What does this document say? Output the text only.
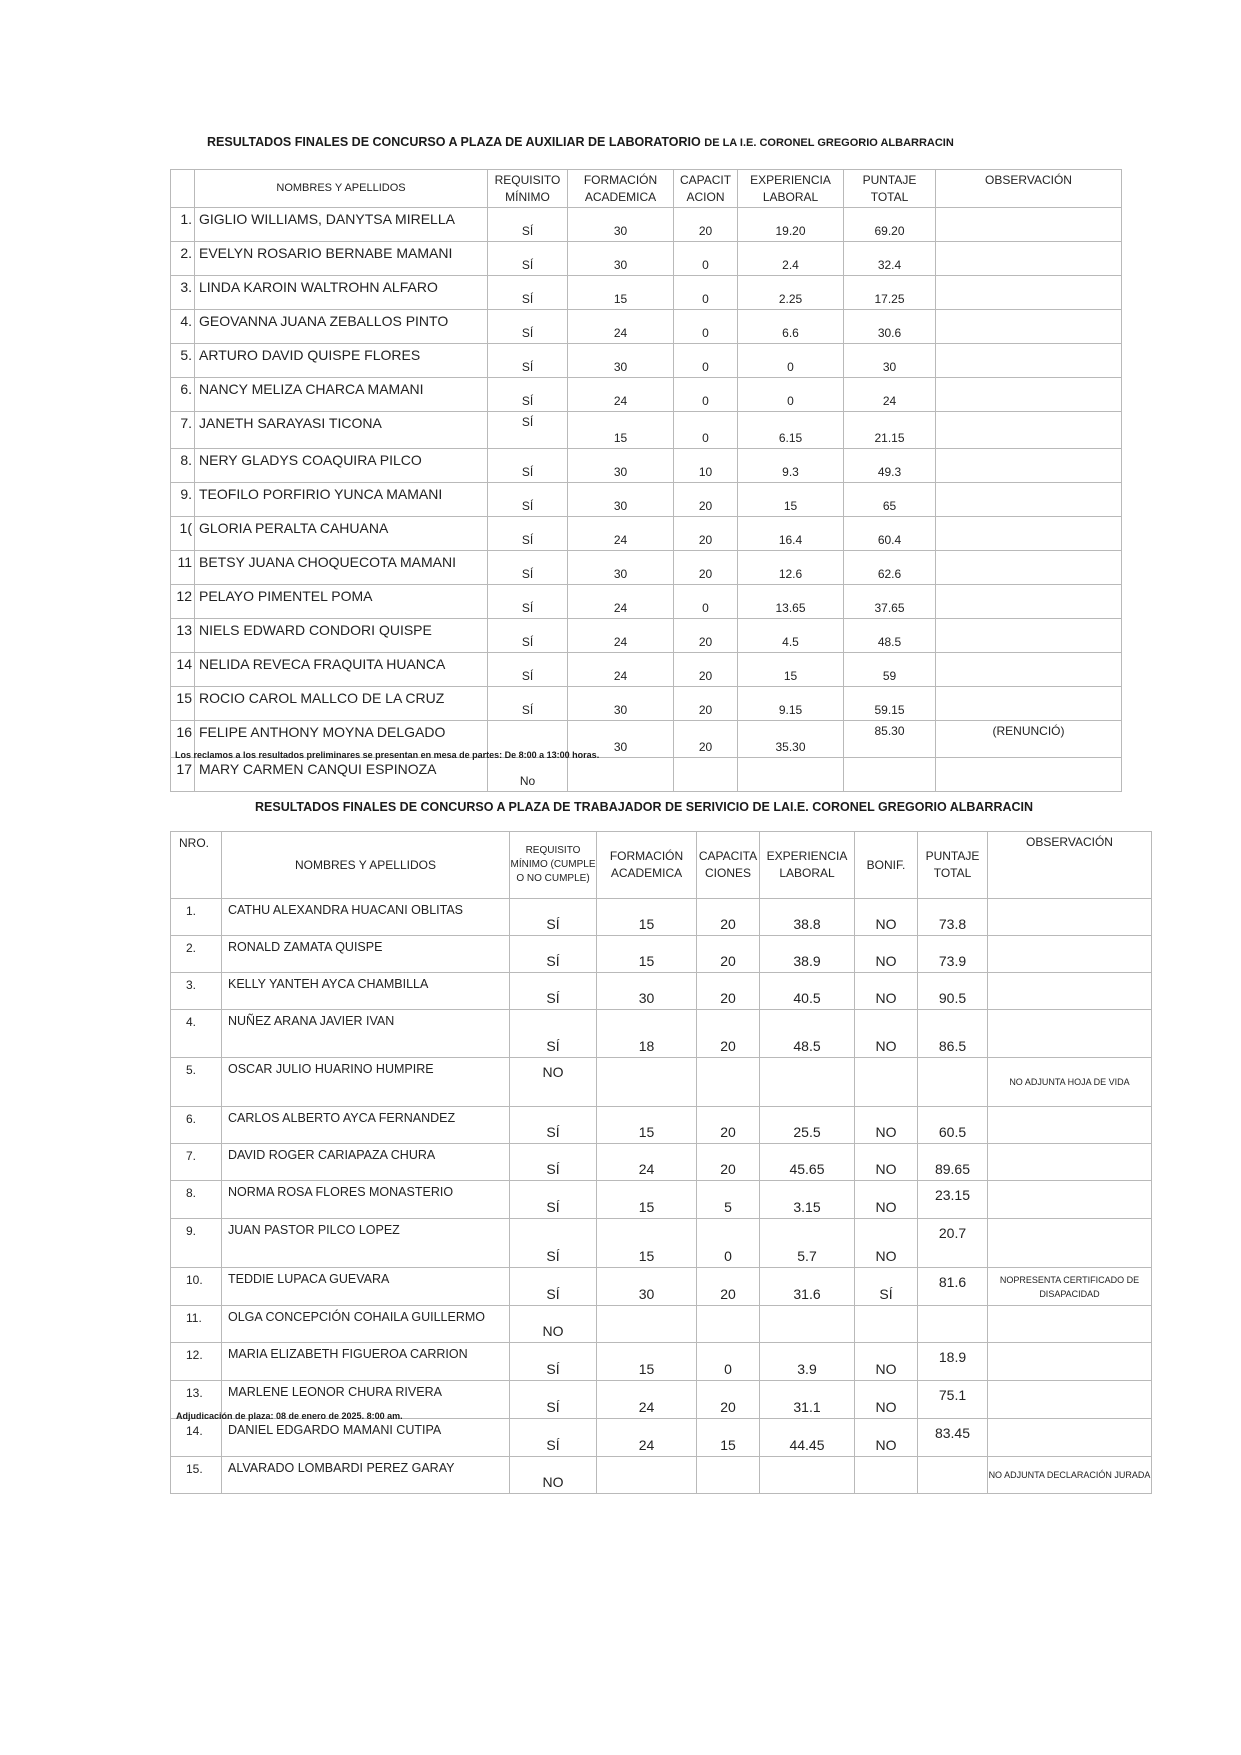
RESULTADOS FINALES DE CONCURSO A PLAZA DE AUXILIAR DE LABORATORIO DE LA I.E. CORONEL GREGORIO ALBARRACIN
	NOMBRES Y APELLIDOS	REQUISITO MÍNIMO	FORMACIÓN ACADEMICA	CAPACIT ACION	EXPERIENCIA LABORAL	PUNTAJE TOTAL	OBSERVACIÓN
1.	GIGLIO WILLIAMS, DANYTSA MIRELLA	SÍ	30	20	19.20	69.20	
2.	EVELYN ROSARIO BERNABE MAMANI	SÍ	30	0	2.4	32.4	
3.	LINDA KAROIN WALTROHN ALFARO	SÍ	15	0	2.25	17.25	
4.	GEOVANNA JUANA ZEBALLOS PINTO	SÍ	24	0	6.6	30.6	
5.	ARTURO DAVID QUISPE FLORES	SÍ	30	0	0	30	
6.	NANCY MELIZA CHARCA MAMANI	SÍ	24	0	0	24	
7.	JANETH SARAYASI TICONA	SÍ	15	0	6.15	21.15	
8.	NERY GLADYS COAQUIRA PILCO	SÍ	30	10	9.3	49.3	
9.	TEOFILO PORFIRIO YUNCA MAMANI	SÍ	30	20	15	65	
1(	GLORIA PERALTA CAHUANA	SÍ	24	20	16.4	60.4	
11	BETSY JUANA CHOQUECOTA MAMANI	SÍ	30	20	12.6	62.6	
12	PELAYO PIMENTEL POMA	SÍ	24	0	13.65	37.65	
13	NIELS EDWARD CONDORI QUISPE	SÍ	24	20	4.5	48.5	
14	NELIDA REVECA FRAQUITA HUANCA	SÍ	24	20	15	59	
15	ROCIO CAROL MALLCO DE LA CRUZ	SÍ	30	20	9.15	59.15	
16	FELIPE ANTHONY MOYNA DELGADO		30	20	35.30	85.30	(RENUNCIÓ)
17	MARY CARMEN CANQUI ESPINOZA	No					
Los reclamos a los resultados preliminares se presentan en mesa de partes: De 8:00 a 13:00 horas.
RESULTADOS FINALES DE CONCURSO A PLAZA DE TRABAJADOR DE SERIVICIO DE LAI.E. CORONEL GREGORIO ALBARRACIN
NRO.	NOMBRES Y APELLIDOS	REQUISITO MÍNIMO (CUMPLE O NO CUMPLE)	FORMACIÓN ACADEMICA	CAPACITA CIONES	EXPERIENCIA LABORAL	BONIF.	PUNTAJE TOTAL	OBSERVACIÓN
1.	CATHU ALEXANDRA HUACANI OBLITAS	SÍ	15	20	38.8	NO	73.8	
2.	RONALD ZAMATA QUISPE	SÍ	15	20	38.9	NO	73.9	
3.	KELLY YANTEH AYCA CHAMBILLA	SÍ	30	20	40.5	NO	90.5	
4.	NUÑEZ ARANA JAVIER IVAN	SÍ	18	20	48.5	NO	86.5	
5.	OSCAR JULIO HUARINO HUMPIRE	NO						NO ADJUNTA HOJA DE VIDA
6.	CARLOS ALBERTO AYCA FERNANDEZ	SÍ	15	20	25.5	NO	60.5	
7.	DAVID ROGER CARIAPAZA CHURA	SÍ	24	20	45.65	NO	89.65	
8.	NORMA ROSA FLORES MONASTERIO	SÍ	15	5	3.15	NO	23.15	
9.	JUAN PASTOR PILCO LOPEZ	SÍ	15	0	5.7	NO	20.7	
10.	TEDDIE LUPACA GUEVARA	SÍ	30	20	31.6	SÍ	81.6	NOPRESENTA CERTIFICADO DE DISAPACIDAD
11.	OLGA CONCEPCIÓN COHAILA GUILLERMO	NO						
12.	MARIA ELIZABETH FIGUEROA CARRION	SÍ	15	0	3.9	NO	18.9	
13.	MARLENE LEONOR CHURA RIVERA	SÍ	24	20	31.1	NO	75.1	
14.	DANIEL EDGARDO MAMANI CUTIPA	SÍ	24	15	44.45	NO	83.45	
15.	ALVARADO LOMBARDI PEREZ GARAY	NO						NO ADJUNTA DECLARACIÓN JURADA
Adjudicación de plaza: 08 de enero de 2025. 8:00 am.
